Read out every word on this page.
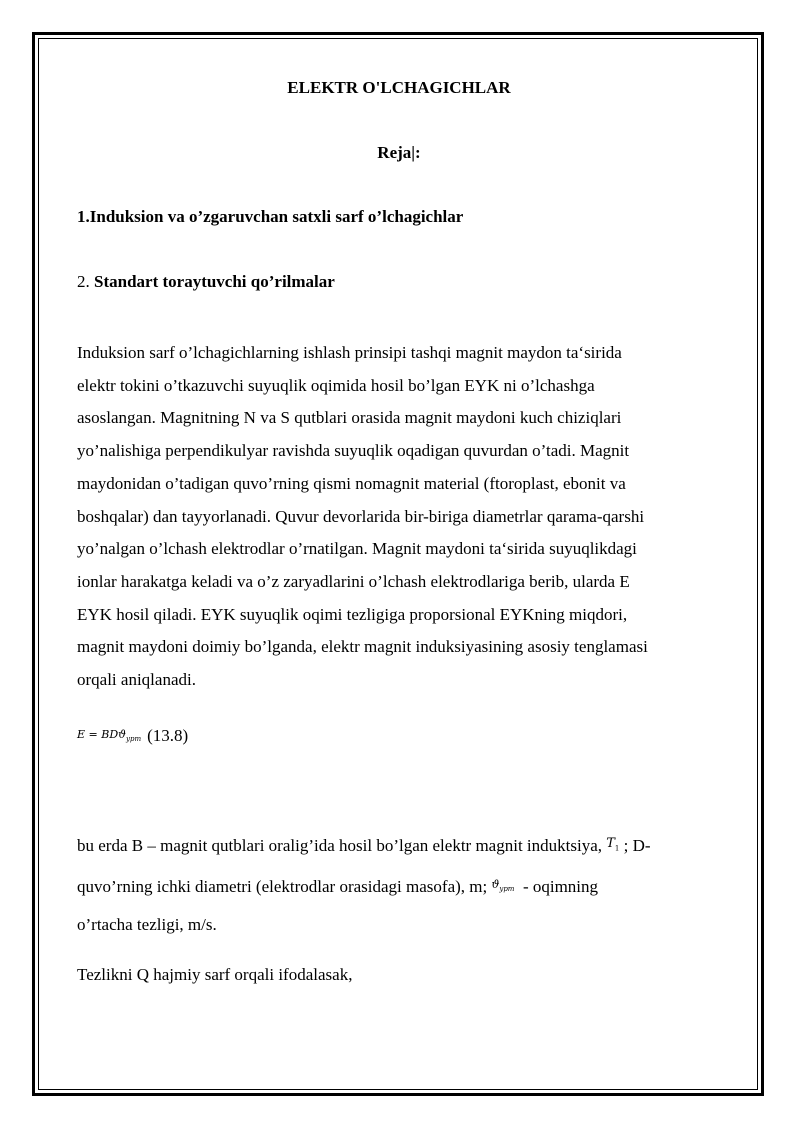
ELEKTR O'LCHAGICHLAR
Reja|:
1.Induksion va o’zgaruvchan satxli sarf o’lchagichlar
2. Standart toraytuvchi qo’rilmalar
Induksion sarf o’lchagichlarning ishlash prinsipi tashqi magnit maydon ta‘sirida
elektr tokini o’tkazuvchi suyuqlik oqimida hosil bo’lgan EYK ni o’lchashga
asoslangan. Magnitning N va S qutblari orasida magnit maydoni kuch chiziqlari
yo’nalishiga perpendikulyar ravishda suyuqlik oqadigan quvurdan o’tadi. Magnit
maydonidan o’tadigan quvo’rning qismi nomagnit material (ftoroplast, ebonit va
boshqalar) dan tayyorlanadi. Quvur devorlarida bir-biriga diametrlar qarama-qarshi
yo’nalgan o’lchash elektrodlar o’rnatilgan. Magnit maydoni ta‘sirida suyuqlikdagi
ionlar harakatga keladi va o’z zaryadlarini o’lchash elektrodlariga berib, ularda E
EYK hosil qiladi. EYK suyuqlik oqimi tezligiga proporsional EYKning miqdori,
magnit maydoni doimiy bo’lganda, elektr magnit induksiyasining asosiy tenglamasi
orqali aniqlanadi.
E = BDϑ$_{ypm}$ (13.8)
bu erda B – magnit qutblari oralig’ida hosil bo’lgan elektr magnit induktsiya, $^{T_1}$ ; D-
quvo’rning ichki diametri (elektrodlar orasidagi masofa), m; $^{ϑ_{ypm}}$ - oqimning
o’rtacha tezligi, m/s.
Tezlikni Q hajmiy sarf orqali ifodalasak,
